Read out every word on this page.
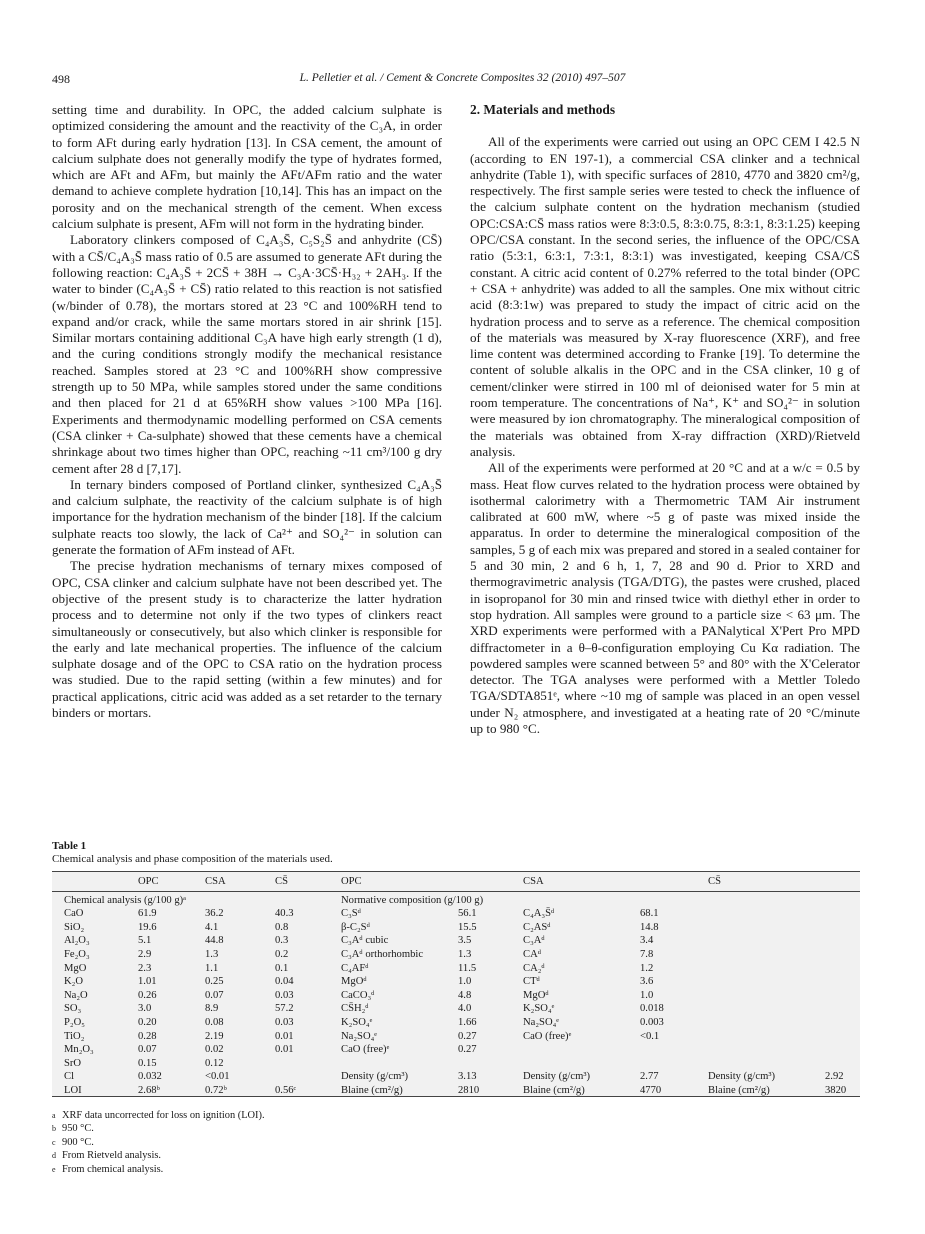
498	L. Pelletier et al. / Cement & Concrete Composites 32 (2010) 497–507

setting time and durability. In OPC, the added calcium sulphate is optimized considering the amount and the reactivity of the C₃A, in order to form AFt during early hydration [13]. In CSA cement, the amount of calcium sulphate does not generally modify the type of hydrates formed, which are AFt and AFm, but mainly the AFt/AFm ratio and the water demand to achieve complete hydration [10,14]. This has an impact on the porosity and on the mechanical strength of the cement. When excess calcium sulphate is present, AFm will not form in the hydrating binder.

Laboratory clinkers composed of C₄A₃S̄, C₅S₂S̄ and anhydrite (CS̄) with a CS̄/C₄A₃S̄ mass ratio of 0.5 are assumed to generate AFt during the following reaction: C₄A₃S̄ + 2CS̄ + 38H → C₃A·3CS̄·H₃₂ + 2AH₃. If the water to binder (C₄A₃S̄ + CS̄) ratio related to this reaction is not satisfied (w/binder of 0.78), the mortars stored at 23 °C and 100%RH tend to expand and/or crack, while the same mortars stored in air shrink [15]. Similar mortars containing additional C₃A have high early strength (1 d), and the curing conditions strongly modify the mechanical resistance reached. Samples stored at 23 °C and 100%RH show compressive strength up to 50 MPa, while samples stored under the same conditions and then placed for 21 d at 65%RH show values >100 MPa [16]. Experiments and thermodynamic modelling performed on CSA cements (CSA clinker + Ca-sulphate) showed that these cements have a chemical shrinkage about two times higher than OPC, reaching ~11 cm³/100 g dry cement after 28 d [7,17].

In ternary binders composed of Portland clinker, synthesized C₄A₃S̄ and calcium sulphate, the reactivity of the calcium sulphate is of high importance for the hydration mechanism of the binder [18]. If the calcium sulphate reacts too slowly, the lack of Ca²⁺ and SO₄²⁻ in solution can generate the formation of AFm instead of AFt.

The precise hydration mechanisms of ternary mixes composed of OPC, CSA clinker and calcium sulphate have not been described yet. The objective of the present study is to characterize the latter hydration process and to determine not only if the two types of clinkers react simultaneously or consecutively, but also which clinker is responsible for the early and late mechanical properties. The influence of the calcium sulphate dosage and of the OPC to CSA ratio on the hydration process was studied. Due to the rapid setting (within a few minutes) and for practical applications, citric acid was added as a set retarder to the ternary binders or mortars.

2. Materials and methods

All of the experiments were carried out using an OPC CEM I 42.5 N (according to EN 197-1), a commercial CSA clinker and a technical anhydrite (Table 1), with specific surfaces of 2810, 4770 and 3820 cm²/g, respectively. The first sample series were tested to check the influence of the calcium sulphate content on the hydration mechanism (studied OPC:CSA:CS̄ mass ratios were 8:3:0.5, 8:3:0.75, 8:3:1, 8:3:1.25) keeping OPC/CSA constant. In the second series, the influence of the OPC/CSA ratio (5:3:1, 6:3:1, 7:3:1, 8:3:1) was investigated, keeping CSA/CS̄ constant. A citric acid content of 0.27% referred to the total binder (OPC + CSA + anhydrite) was added to all the samples. One mix without citric acid (8:3:1w) was prepared to study the impact of citric acid on the hydration process and to serve as a reference. The chemical composition of the materials was measured by X-ray fluorescence (XRF), and free lime content was determined according to Franke [19]. To determine the content of soluble alkalis in the OPC and in the CSA clinker, 10 g of cement/clinker were stirred in 100 ml of deionised water for 5 min at room temperature. The concentrations of Na⁺, K⁺ and SO₄²⁻ in solution were measured by ion chromatography. The mineralogical composition of the materials was obtained from X-ray diffraction (XRD)/Rietveld analysis.

All of the experiments were performed at 20 °C and at a w/c = 0.5 by mass. Heat flow curves related to the hydration process were obtained by isothermal calorimetry with a Thermometric TAM Air instrument calibrated at 600 mW, where ~5 g of paste was mixed inside the apparatus. In order to determine the mineralogical composition of the samples, 5 g of each mix was prepared and stored in a sealed container for 5 and 30 min, 2 and 6 h, 1, 7, 28 and 90 d. Prior to XRD and thermogravimetric analysis (TGA/DTG), the pastes were crushed, placed in isopropanol for 30 min and rinsed twice with diethyl ether in order to stop hydration. All samples were ground to a particle size < 63 μm. The XRD experiments were performed with a PANalytical X'Pert Pro MPD diffractometer in a θ–θ-configuration employing Cu Kα radiation. The powdered samples were scanned between 5° and 80° with the X'Celerator detector. The TGA analyses were performed with a Mettler Toledo TGA/SDTA851ᵉ, where ~10 mg of sample was placed in an open vessel under N₂ atmosphere, and investigated at a heating rate of 20 °C/minute up to 980 °C.

Table 1
Chemical analysis and phase composition of the materials used.
	OPC	CSA	CS̄	OPC		CSA		CS̄	
Chemical analysis (g/100 g)ᵃ				Normative composition (g/100 g)					
CaO	61.9	36.2	40.3	C₃Sᵈ	56.1	C₄A₃S̄ᵈ	68.1		
SiO₂	19.6	4.1	0.8	β-C₂Sᵈ	15.5	C₂ASᵈ	14.8		
Al₂O₃	5.1	44.8	0.3	C₃Aᵈ cubic	3.5	C₃Aᵈ	3.4		
Fe₂O₃	2.9	1.3	0.2	C₃Aᵈ orthorhombic	1.3	CAᵈ	7.8		
MgO	2.3	1.1	0.1	C₄AFᵈ	11.5	CA₂ᵈ	1.2		
K₂O	1.01	0.25	0.04	MgOᵈ	1.0	CTᵈ	3.6		
Na₂O	0.26	0.07	0.03	CaCO₃ᵈ	4.8	MgOᵈ	1.0		
SO₃	3.0	8.9	57.2	CS̄H₂ᵈ	4.0	K₂SO₄ᵉ	0.018		
P₂O₅	0.20	0.08	0.03	K₂SO₄ᵉ	1.66	Na₂SO₄ᵉ	0.003		
TiO₂	0.28	2.19	0.01	Na₂SO₄ᵉ	0.27	CaO (free)ᵉ	<0.1		
Mn₂O₃	0.07	0.02	0.01	CaO (free)ᵉ	0.27				
SrO	0.15	0.12							
Cl	0.032	<0.01		Density (g/cm³)	3.13	Density (g/cm³)	2.77	Density (g/cm³)	2.92
LOI	2.68ᵇ	0.72ᵇ	0.56ᶜ	Blaine (cm²/g)	2810	Blaine (cm²/g)	4770	Blaine (cm²/g)	3820
a XRF data uncorrected for loss on ignition (LOI).
b 950 °C.
c 900 °C.
d From Rietveld analysis.
e From chemical analysis.
